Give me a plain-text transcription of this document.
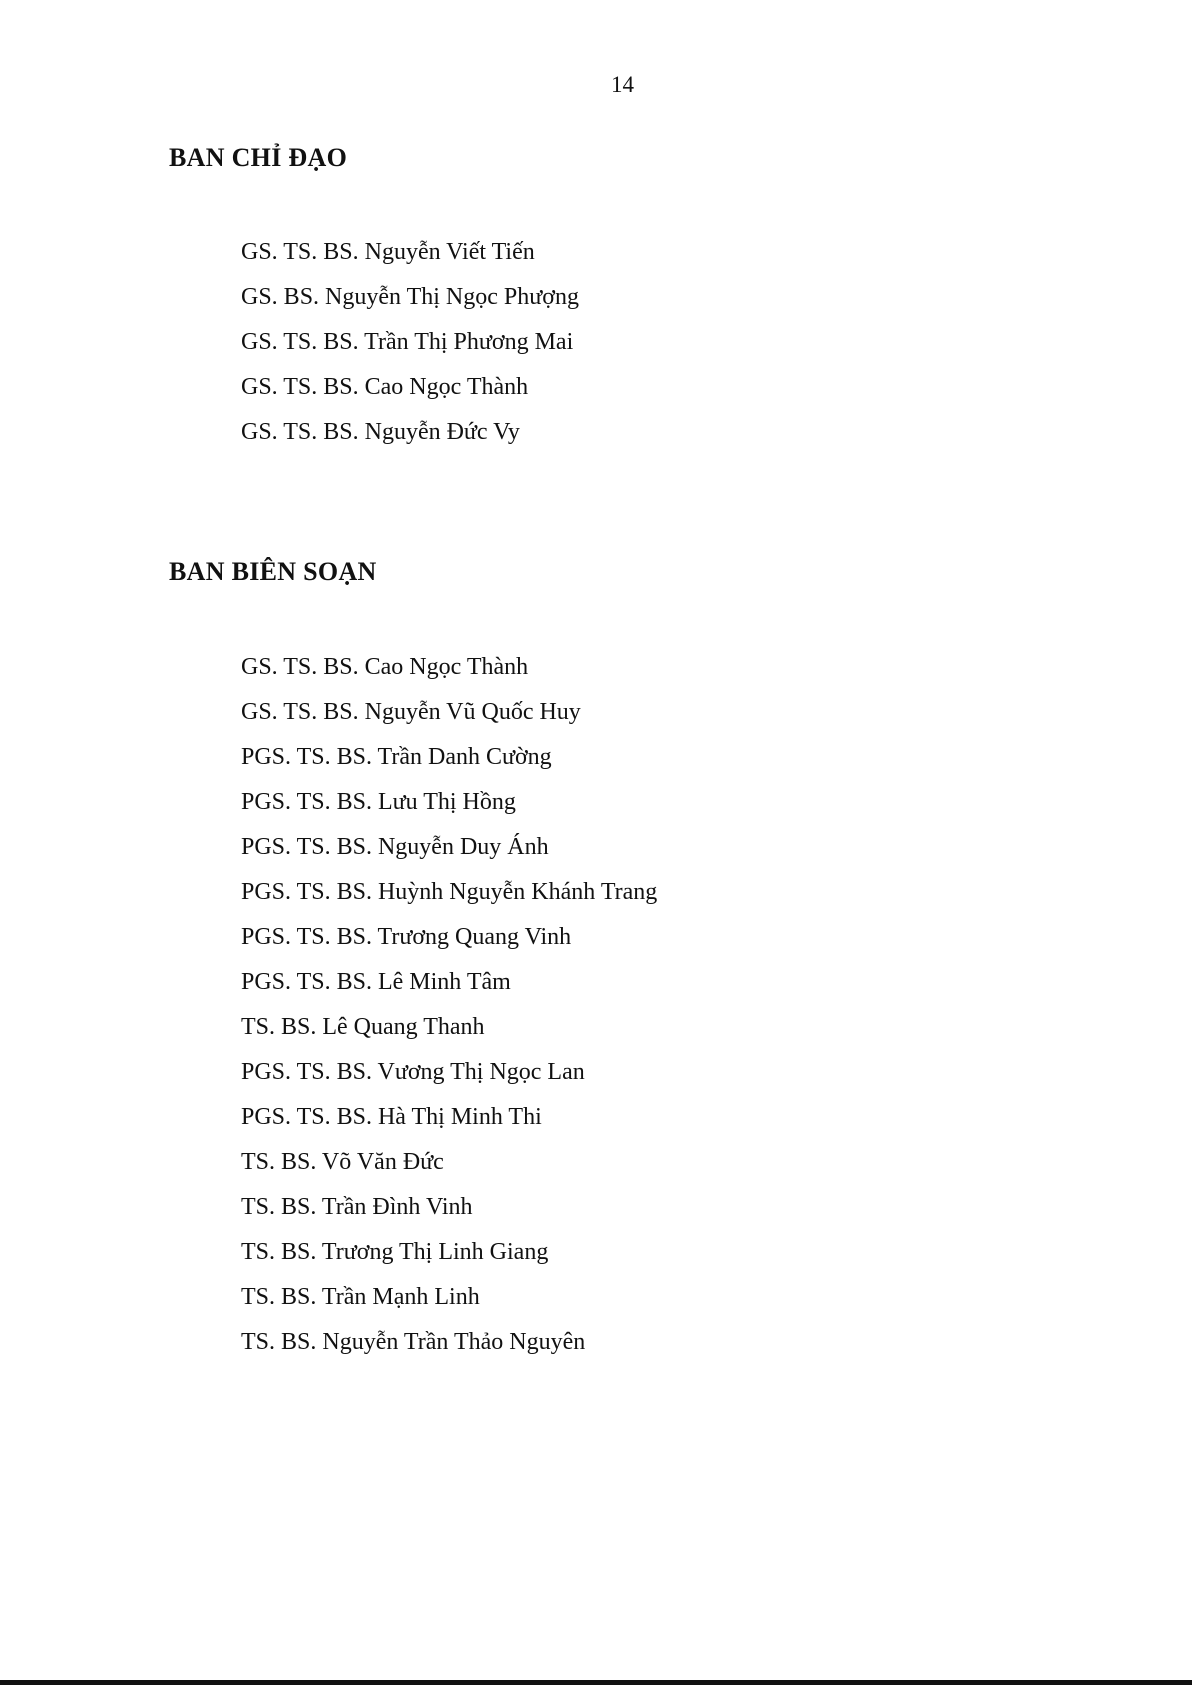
14
BAN CHỈ ĐẠO
GS. TS. BS. Nguyễn Viết Tiến
GS. BS. Nguyễn Thị Ngọc Phượng
GS. TS. BS. Trần Thị Phương Mai
GS. TS. BS. Cao Ngọc Thành
GS. TS. BS. Nguyễn Đức Vy
BAN BIÊN SOẠN
GS. TS. BS. Cao Ngọc Thành
GS. TS. BS. Nguyễn Vũ Quốc Huy
PGS. TS. BS. Trần Danh Cường
PGS. TS. BS. Lưu Thị Hồng
PGS. TS. BS. Nguyễn Duy Ánh
PGS. TS. BS. Huỳnh Nguyễn Khánh Trang
PGS. TS. BS. Trương Quang Vinh
PGS. TS. BS. Lê Minh Tâm
TS. BS. Lê Quang Thanh
PGS. TS. BS. Vương Thị Ngọc Lan
PGS. TS. BS. Hà Thị Minh Thi
TS. BS. Võ Văn Đức
TS. BS. Trần Đình Vinh
TS. BS. Trương Thị Linh Giang
TS. BS. Trần Mạnh Linh
TS. BS. Nguyễn Trần Thảo Nguyên
